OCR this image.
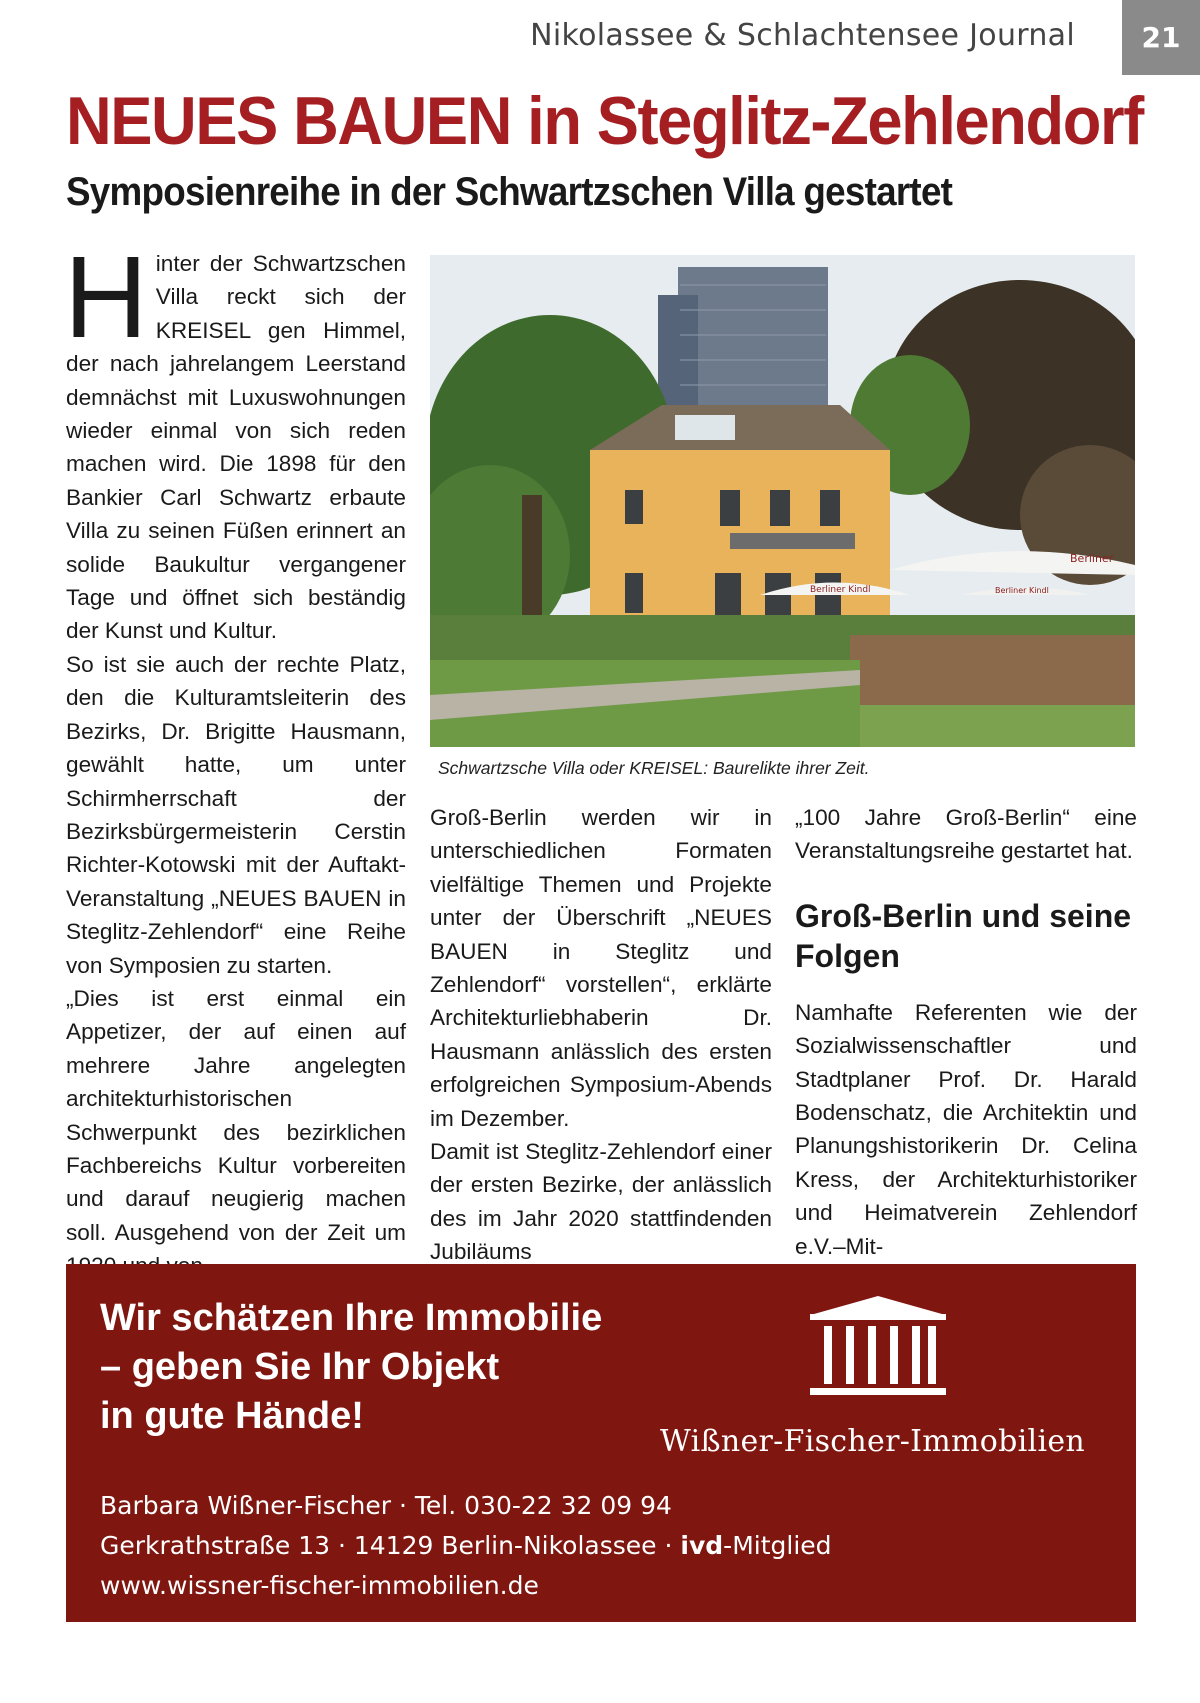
Nikolassee & Schlachtensee Journal	21
NEUES BAUEN in Steglitz-Zehlendorf
Symposienreihe in der Schwartzschen Villa gestartet
H inter der Schwartzschen Villa reckt sich der KREISEL gen Himmel, der nach jahrelangem Leerstand demnächst mit Luxuswohnungen wieder einmal von sich reden machen wird. Die 1898 für den Bankier Carl Schwartz erbaute Villa zu seinen Füßen erinnert an solide Baukultur vergangener Tage und öffnet sich beständig der Kunst und Kultur.

So ist sie auch der rechte Platz, den die Kulturamtsleiterin des Bezirks, Dr. Brigitte Hausmann, gewählt hatte, um unter Schirmherrschaft der Bezirksbürgermeisterin Cerstin Richter-Kotowski mit der Auftakt-Veranstaltung „NEUES BAUEN in Steglitz-Zehlendorf“ eine Reihe von Symposien zu starten.

„Dies ist erst einmal ein Appetizer, der auf einen auf mehrere Jahre angelegten architekturhistorischen Schwerpunkt des bezirklichen Fachbereichs Kultur vorbereiten und darauf neugierig machen soll. Ausgehend von der Zeit um

Berliner Kindl	Berliner Kindl
Berliner
Schwartzsche Villa oder KREISEL: Baurelikte ihrer Zeit.

Groß-Berlin werden wir in unterschiedlichen Formaten vielfältige Themen und Projekte unter der Überschrift „NEUES BAUEN in Steglitz und Zehlendorf“ vorstellen“, erklärte Architekturliebhaberin Dr. Hausmann anlässlich des ersten erfolgreichen Symposium-Abends im Dezember.

Damit ist Steglitz-Zehlendorf einer der ersten Bezirke, der anlässlich des im Jahr 2020 stattfindenden Jubiläums

„100 Jahre Groß-Berlin“ eine Veranstaltungsreihe gestartet hat.

Groß-Berlin und seine Folgen

Namhafte Referenten wie der Sozialwissenschaftler und Stadtplaner Prof. Dr. Harald Bodenschatz, die Architektin und Planungshistorikerin Dr. Celina Kress, der Architekturhistoriker und Heimatverein Zehlendorf e.V.–Mit-

Wir schätzen Ihre Immobilie
– geben Sie Ihr Objekt
in gute Hände!
Wißner-Fischer-Immobilien
Barbara Wißner-Fischer · Tel. 030-22 32 09 94
Gerkrathstraße 13 · 14129 Berlin-Nikolassee · ivd-Mitglied
www.wissner-fischer-immobilien.de
